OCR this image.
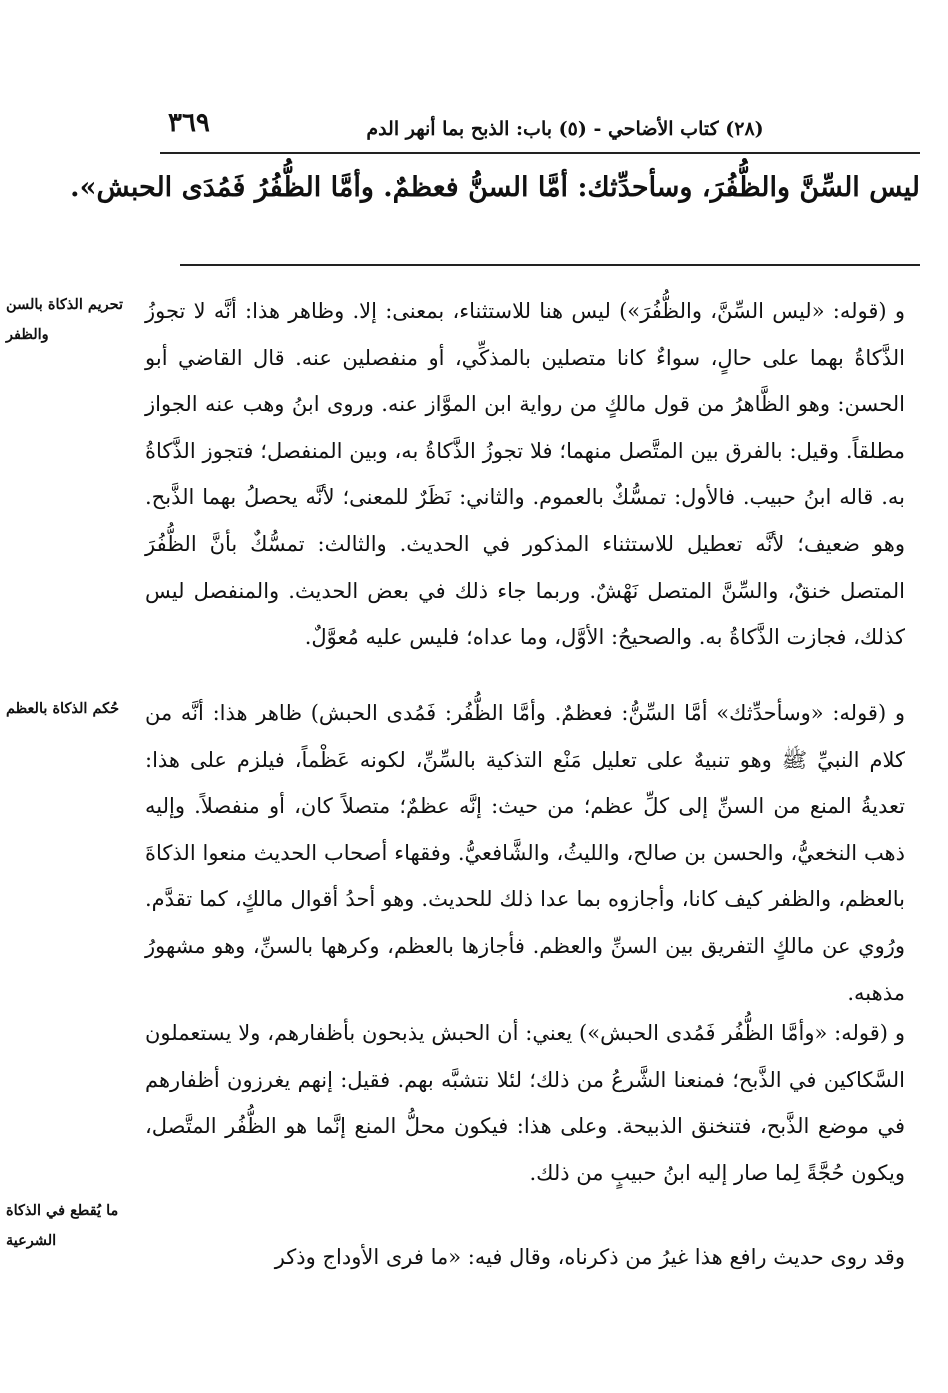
(٢٨) كتاب الأضاحي - (٥) باب: الذبح بما أنهر الدم
٣٦٩
ليس السِّنَّ والظُّفُرَ، وسأحدِّثك: أمَّا السنُّ فعظمٌ. وأمَّا الظُّفُرُ فَمُدَى الحبش».
و (قوله: «ليس السِّنَّ، والظُّفُرَ») ليس هنا للاستثناء، بمعنى: إلا. وظاهر هذا: أنَّه لا تجوزُ الذَّكاةُ بهما على حالٍ، سواءٌ كانا متصلين بالمذكِّي، أو منفصلين عنه. قال القاضي أبو الحسن: وهو الظَّاهرُ من قول مالكٍ من رواية ابن الموَّاز عنه. وروى ابنُ وهب عنه الجواز مطلقاً. وقيل: بالفرق بين المتَّصل منهما؛ فلا تجوزُ الذَّكاةُ به، وبين المنفصل؛ فتجوز الذَّكاةُ به. قاله ابنُ حبيب. فالأول: تمسُّكٌ بالعموم. والثاني: نَظَرٌ للمعنى؛ لأنَّه يحصلُ بهما الذَّبح. وهو ضعيف؛ لأنَّه تعطيل للاستثناء المذكور في الحديث. والثالث: تمسُّكٌ بأنَّ الظُّفُرَ المتصل خنقٌ، والسِّنَّ المتصل نَهْشٌ. وربما جاء ذلك في بعض الحديث. والمنفصل ليس كذلك، فجازت الذَّكاةُ به. والصحيحُ: الأوَّل، وما عداه؛ فليس عليه مُعوَّلٌ.
و (قوله: «وسأحدِّثك» أمَّا السِّنُّ: فعظمٌ. وأمَّا الظُّفُر: فَمُدى الحبش) ظاهر هذا: أنَّه من كلام النبيِّ ﷺ وهو تنبيهٌ على تعليل مَنْع التذكية بالسِّنِّ، لكونه عَظْماً، فيلزم على هذا: تعديةُ المنع من السنِّ إلى كلِّ عظم؛ من حيث: إنَّه عظمٌ؛ متصلاً كان، أو منفصلاً. وإليه ذهب النخعيُّ، والحسن بن صالح، والليثُ، والشَّافعيُّ. وفقهاء أصحاب الحديث منعوا الذكاةَ بالعظم، والظفر كيف كانا، وأجازوه بما عدا ذلك للحديث. وهو أحدُ أقوال مالكٍ، كما تقدَّم. ورُوي عن مالكٍ التفريق بين السنِّ والعظم. فأجازها بالعظم، وكرهها بالسنِّ، وهو مشهورُ مذهبه.
و (قوله: «وأمَّا الظُّفُر فَمُدى الحبش») يعني: أن الحبش يذبحون بأظفارهم، ولا يستعملون السَّكاكين في الذَّبح؛ فمنعنا الشَّرعُ من ذلك؛ لئلا نتشبَّه بهم. فقيل: إنهم يغرزون أظفارهم في موضع الذَّبح، فتنخنق الذبيحة. وعلى هذا: فيكون محلُّ المنع إنَّما هو الظُّفُر المتَّصل، ويكون حُجَّةً لِما صار إليه ابنُ حبيبٍ من ذلك.
وقد روى حديث رافع هذا غيرُ من ذكرناه، وقال فيه: «ما فرى الأوداج وذكر
تحريم الذكاة بالسن والظفر
حُكم الذكاة بالعظم
ما يُقطع في الذكاة الشرعية
